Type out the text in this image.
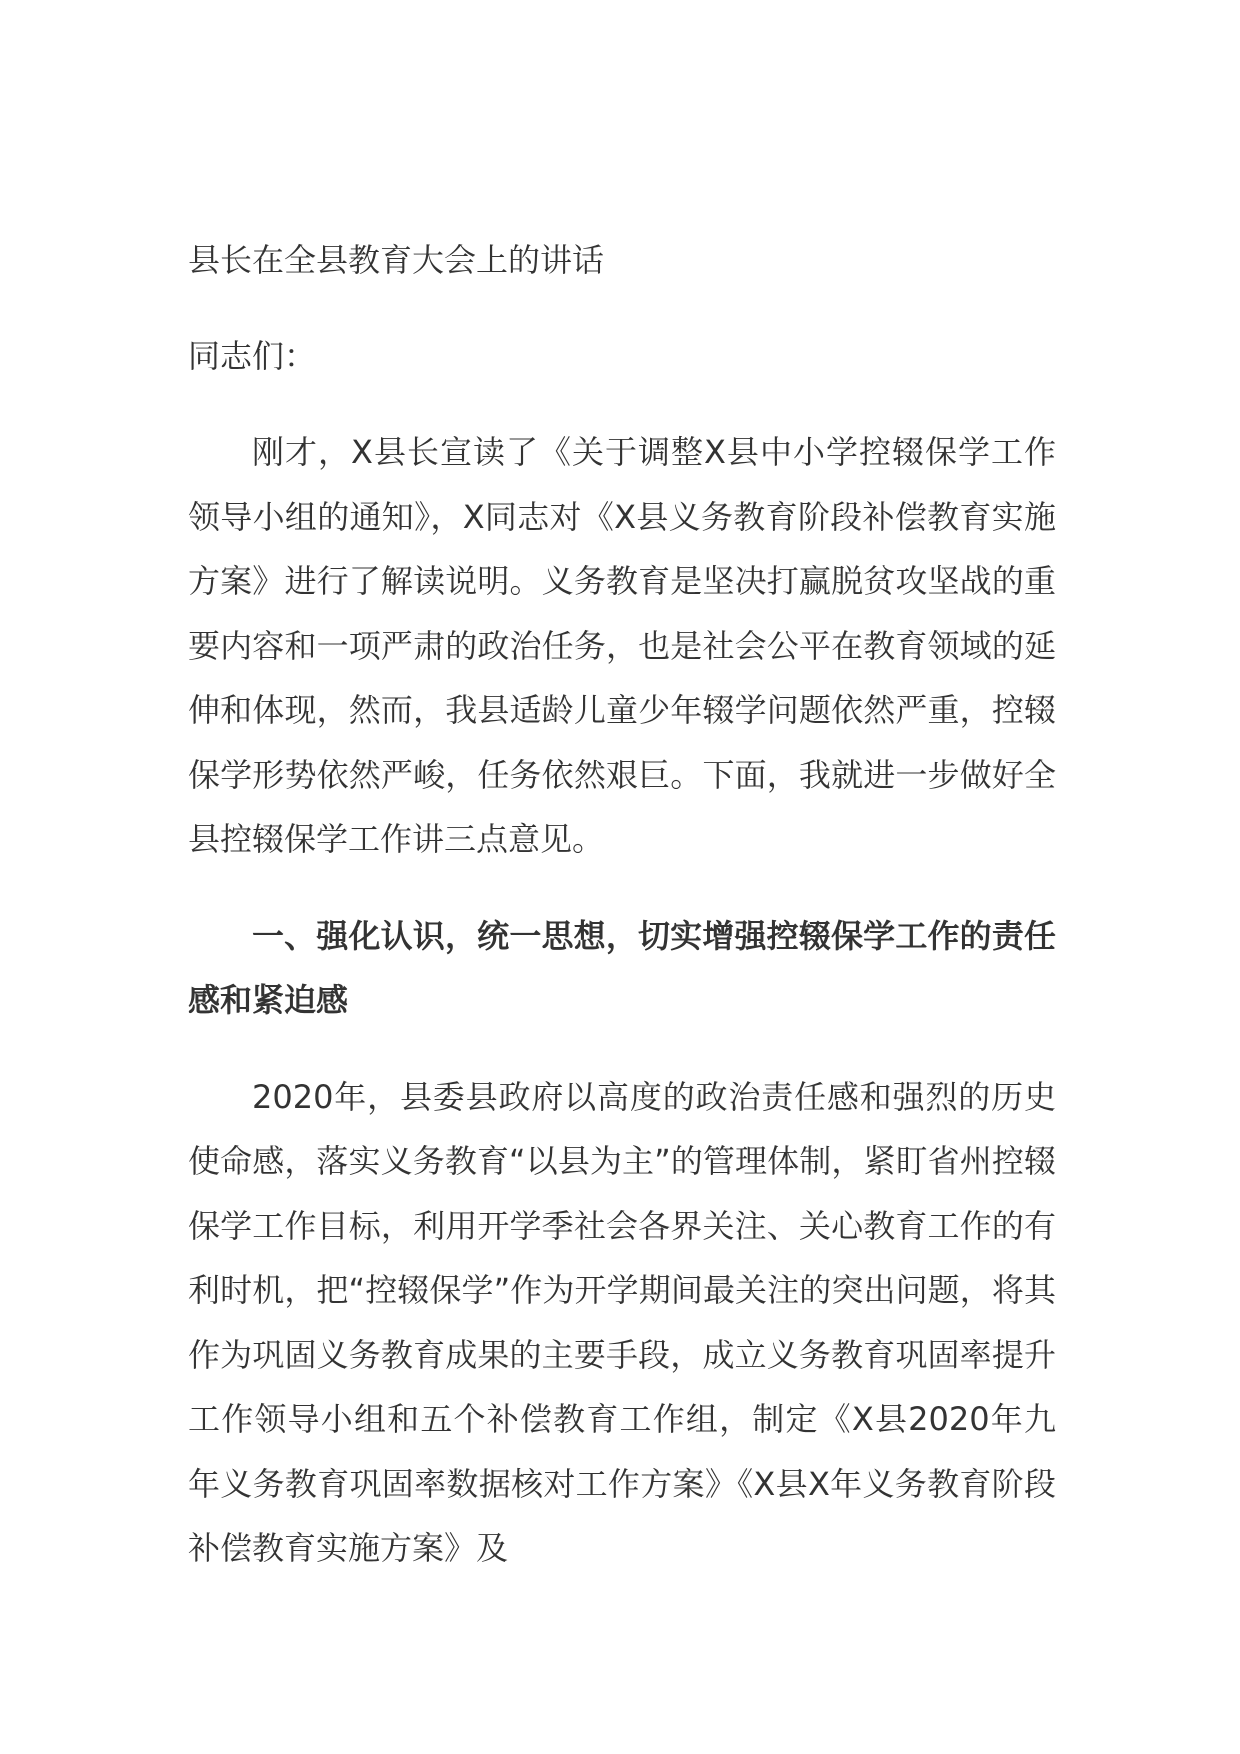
县长在全县教育大会上的讲话
同志们：
刚才，X县长宣读了《关于调整X县中小学控辍保学工作领导小组的通知》，X同志对《X县义务教育阶段补偿教育实施方案》进行了解读说明。义务教育是坚决打赢脱贫攻坚战的重要内容和一项严肃的政治任务，也是社会公平在教育领域的延伸和体现，然而，我县适龄儿童少年辍学问题依然严重，控辍保学形势依然严峻，任务依然艰巨。下面，我就进一步做好全县控辍保学工作讲三点意见。
一、强化认识，统一思想，切实增强控辍保学工作的责任感和紧迫感
2020年，县委县政府以高度的政治责任感和强烈的历史使命感，落实义务教育“以县为主”的管理体制，紧盯省州控辍保学工作目标，利用开学季社会各界关注、关心教育工作的有利时机，把“控辍保学”作为开学期间最关注的突出问题，将其作为巩固义务教育成果的主要手段，成立义务教育巩固率提升工作领导小组和五个补偿教育工作组，制定《X县2020年九年义务教育巩固率数据核对工作方案》《X县X年义务教育阶段补偿教育实施方案》及
